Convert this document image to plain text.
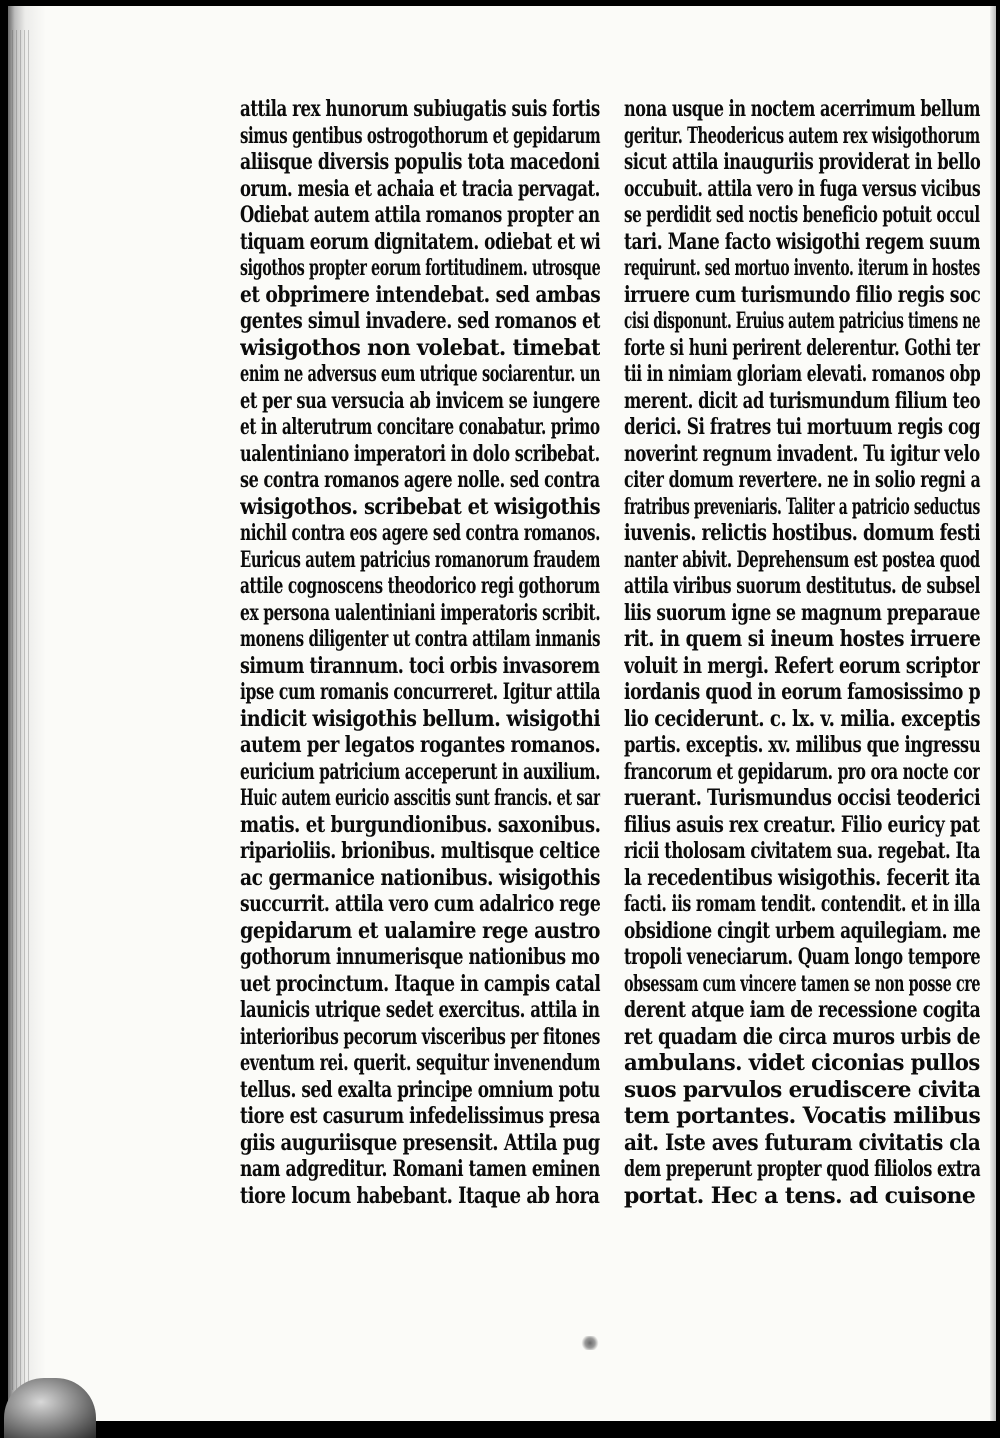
attila rex hunorum subiugatis suis fortis
simus gentibus ostrogothorum et gepidarum
aliisque diversis populis tota macedoni
orum. mesia et achaia et tracia pervagat.
Odiebat autem attila romanos propter an
tiquam eorum dignitatem. odiebat et wi
sigothos propter eorum fortitudinem. utrosque
et obprimere intendebat. sed ambas
gentes simul invadere. sed romanos et
wisigothos non volebat. timebat
enim ne adversus eum utrique sociarentur. un
et per sua versucia ab invicem se iungere
et in alterutrum concitare conabatur. primo
ualentiniano imperatori in dolo scribebat.
se contra romanos agere nolle. sed contra
wisigothos. scribebat et wisigothis
nichil contra eos agere sed contra romanos.
Euricus autem patricius romanorum fraudem
attile cognoscens theodorico regi gothorum
ex persona ualentiniani imperatoris scribit.
monens diligenter ut contra attilam inmanis
simum tirannum. toci orbis invasorem
ipse cum romanis concurreret. Igitur attila
indicit wisigothis bellum. wisigothi
autem per legatos rogantes romanos.
euricium patricium acceperunt in auxilium.
Huic autem euricio asscitis sunt francis. et sar
matis. et burgundionibus. saxonibus.
riparioliis. brionibus. multisque celtice
ac germanice nationibus. wisigothis
succurrit. attila vero cum adalrico rege
gepidarum et ualamire rege austro
gothorum innumerisque nationibus mo
uet procinctum. Itaque in campis catal
launicis utrique sedet exercitus. attila in
interioribus pecorum visceribus per fitones
eventum rei. querit. sequitur invenendum
tellus. sed exalta principe omnium potu
tiore est casurum infedelissimus presa
giis auguriisque presensit. Attila pug
nam adgreditur. Romani tamen eminen
tiore locum habebant. Itaque ab hora
nona usque in noctem acerrimum bellum
geritur. Theodericus autem rex wisigothorum
sicut attila inauguriis providerat in bello
occubuit. attila vero in fuga versus vicibus
se perdidit sed noctis beneficio potuit occul
tari. Mane facto wisigothi regem suum
requirunt. sed mortuo invento. iterum in hostes
irruere cum turismundo filio regis soc
cisi disponunt. Eruius autem patricius timens ne
forte si huni perirent delerentur. Gothi ter
tii in nimiam gloriam elevati. romanos obp
merent. dicit ad turismundum filium teo
derici. Si fratres tui mortuum regis cog
noverint regnum invadent. Tu igitur velo
citer domum revertere. ne in solio regni a
fratribus preveniaris. Taliter a patricio seductus
iuvenis. relictis hostibus. domum festi
nanter abivit. Deprehensum est postea quod
attila viribus suorum destitutus. de subsel
liis suorum igne se magnum preparaue
rit. in quem si ineum hostes irruere
voluit in mergi. Refert eorum scriptor
iordanis quod in eorum famosissimo p
lio ceciderunt. c. lx. v. milia. exceptis
partis. exceptis. xv. milibus que ingressu
francorum et gepidarum. pro ora nocte cor
ruerant. Turismundus occisi teoderici
filius asuis rex creatur. Filio euricy pat
ricii tholosam civitatem sua. regebat. Ita
la recedentibus wisigothis. fecerit ita
facti. iis romam tendit. contendit. et in illa
obsidione cingit urbem aquilegiam. me
tropoli veneciarum. Quam longo tempore
obsessam cum vincere tamen se non posse cre
derent atque iam de recessione cogita
ret quadam die circa muros urbis de
ambulans. videt ciconias pullos
suos parvulos erudiscere civita
tem portantes. Vocatis milibus
ait. Iste aves futuram civitatis cla
dem preperunt propter quod filiolos extra
portat. Hec a tens. ad cuisone
